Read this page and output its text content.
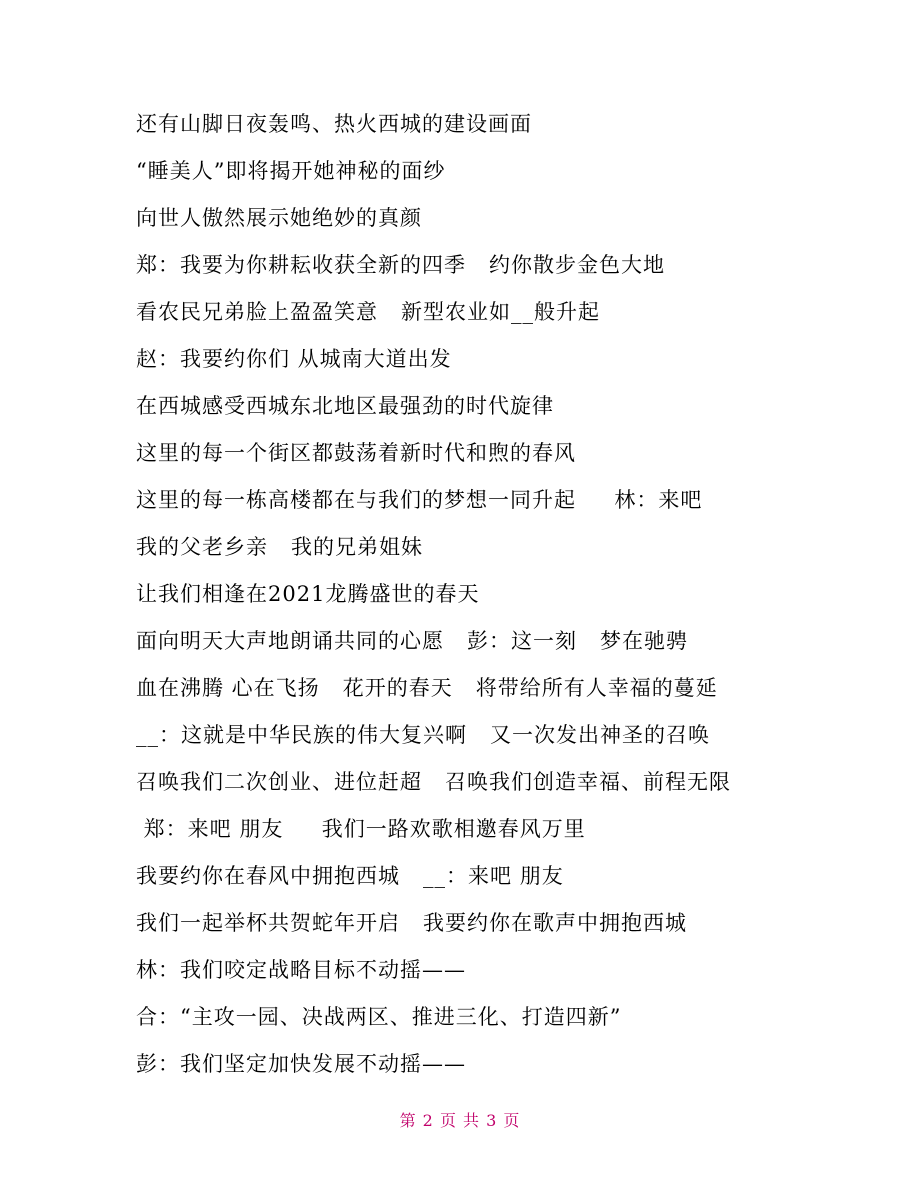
还有山脚日夜轰鸣、热火西城的建设画面
“睡美人”即将揭开她神秘的面纱
向世人傲然展示她绝妙的真颜
郑：我要为你耕耘收获全新的四季   约你散步金色大地
看农民兄弟脸上盈盈笑意   新型农业如__般升起
赵：我要约你们 从城南大道出发
在西城感受西城东北地区最强劲的时代旋律
这里的每一个街区都鼓荡着新时代和煦的春风
这里的每一栋高楼都在与我们的梦想一同升起     林：来吧
我的父老乡亲   我的兄弟姐妹
让我们相逢在2021龙腾盛世的春天
面向明天大声地朗诵共同的心愿   彭：这一刻   梦在驰骋
血在沸腾 心在飞扬   花开的春天   将带给所有人幸福的蔓延
__：这就是中华民族的伟大复兴啊   又一次发出神圣的召唤
召唤我们二次创业、进位赶超   召唤我们创造幸福、前程无限
郑：来吧 朋友     我们一路欢歌相邀春风万里
我要约你在春风中拥抱西城   __：来吧 朋友
我们一起举杯共贺蛇年开启   我要约你在歌声中拥抱西城
林：我们咬定战略目标不动摇——
合：“主攻一园、决战两区、推进三化、打造四新”
彭：我们坚定加快发展不动摇——
第 2 页 共 3 页
